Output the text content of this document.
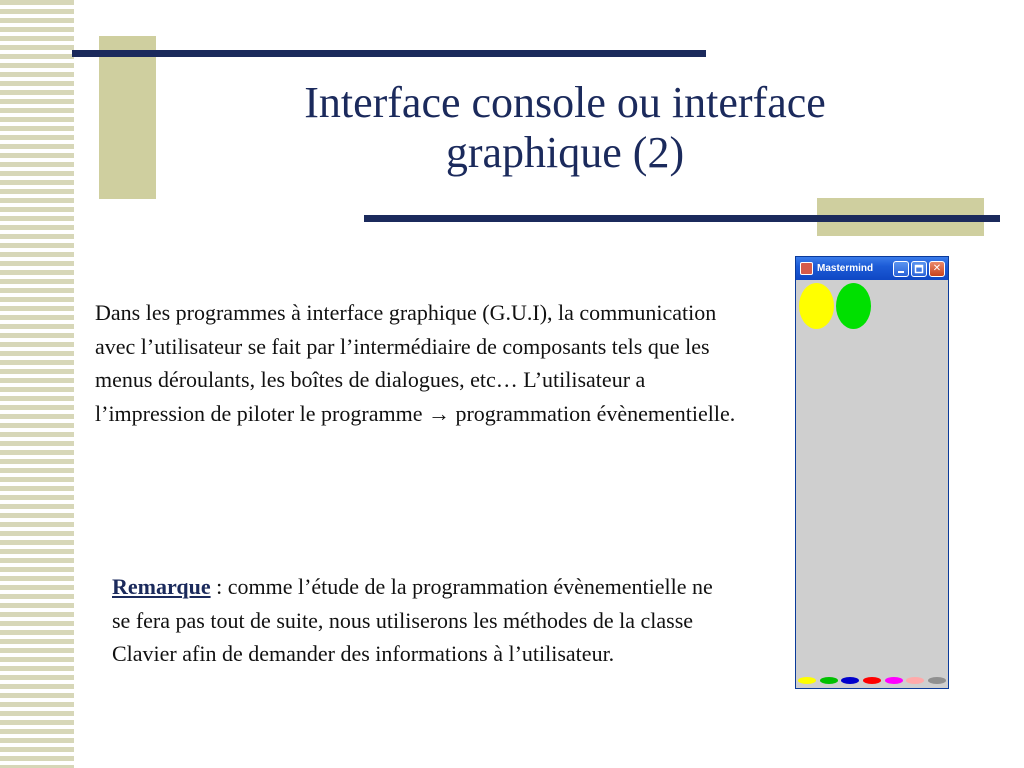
Interface console ou interface
graphique (2)

Dans les programmes à interface graphique (G.U.I), la communication avec l’utilisateur se fait par l’intermédiaire de composants tels que les menus déroulants, les boîtes de dialogues, etc… L’utilisateur a l’impression de piloter le programme → programmation évènementielle.

Remarque : comme l’étude de la programmation évènementielle ne se fera pas tout de suite, nous utiliserons les méthodes de la classe Clavier afin de demander des informations à l’utilisateur.

Mastermind	✕
